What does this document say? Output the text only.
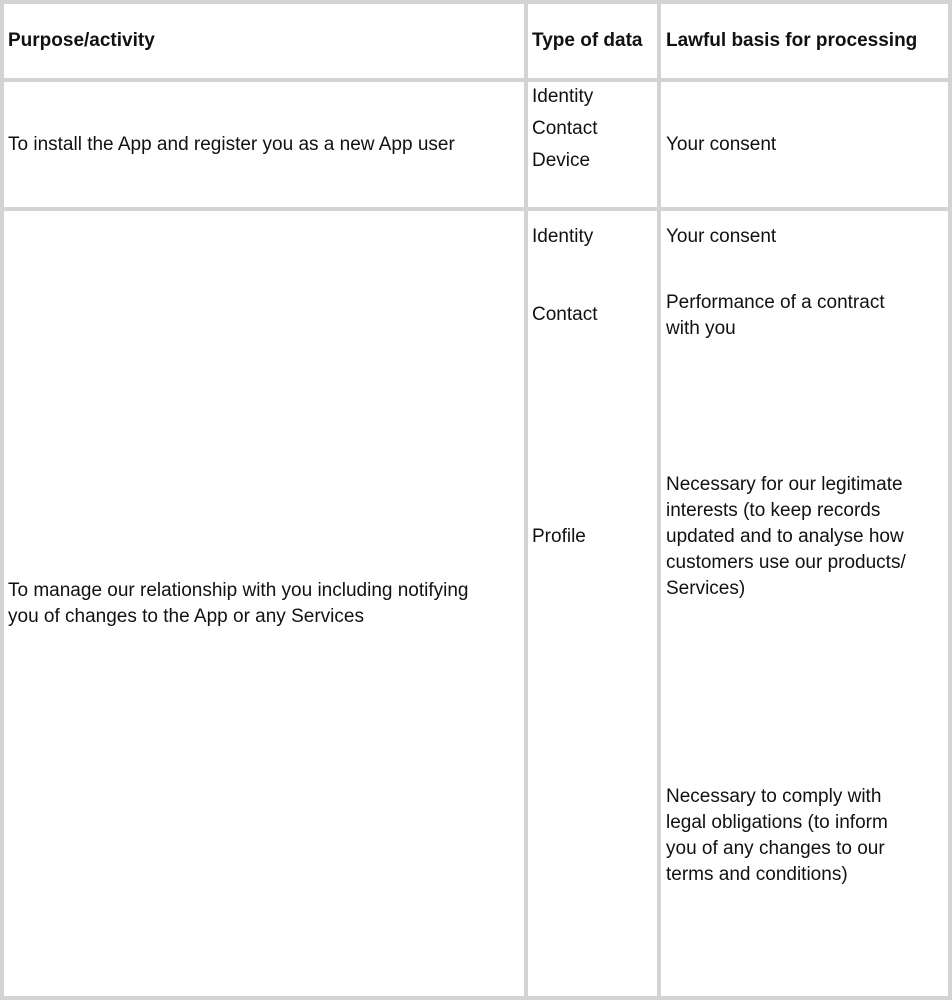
Purpose/activity	Type of data Lawful basis for processing
To install the App and register you as a new App user
Identity
Contact
Device
Your consent
To manage our relationship with you including notifying
you of changes to the App or any Services
Identity
Contact
Profile
Your consent
Performance of a contract
with you
Necessary for our legitimate
interests (to keep records
updated and to analyse how
customers use our products/
Services)
Necessary to comply with
legal obligations (to inform
you of any changes to our
terms and conditions)
